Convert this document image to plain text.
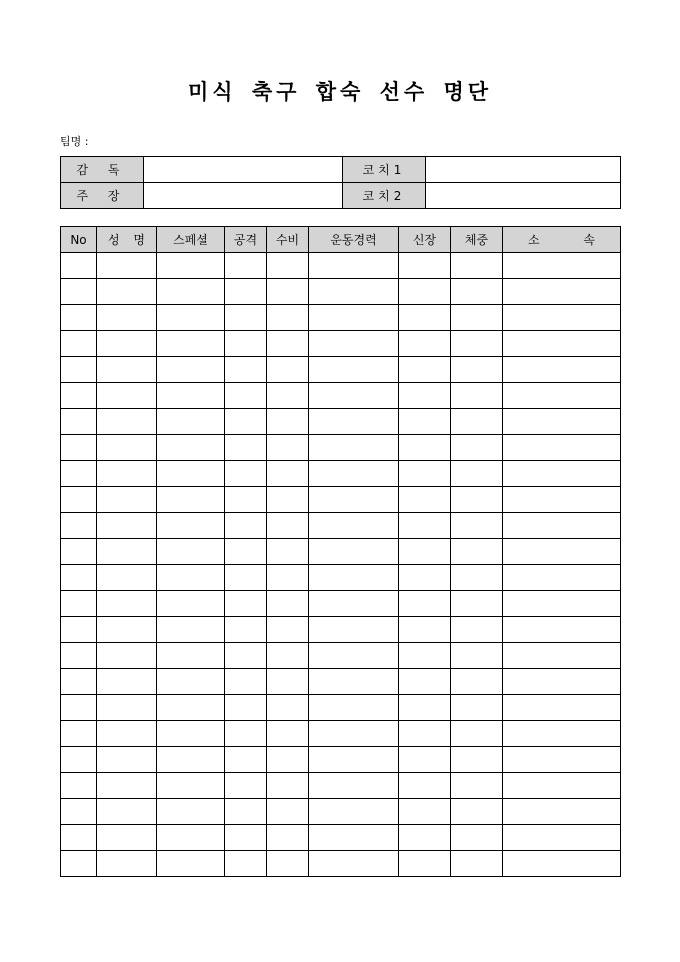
미식 축구 합숙 선수 명단
팀명 :
감 독		코치1	
주 장		코치2	
No	성 명	스페셜	공격	수비	운동경력	신장	체중	소 속
